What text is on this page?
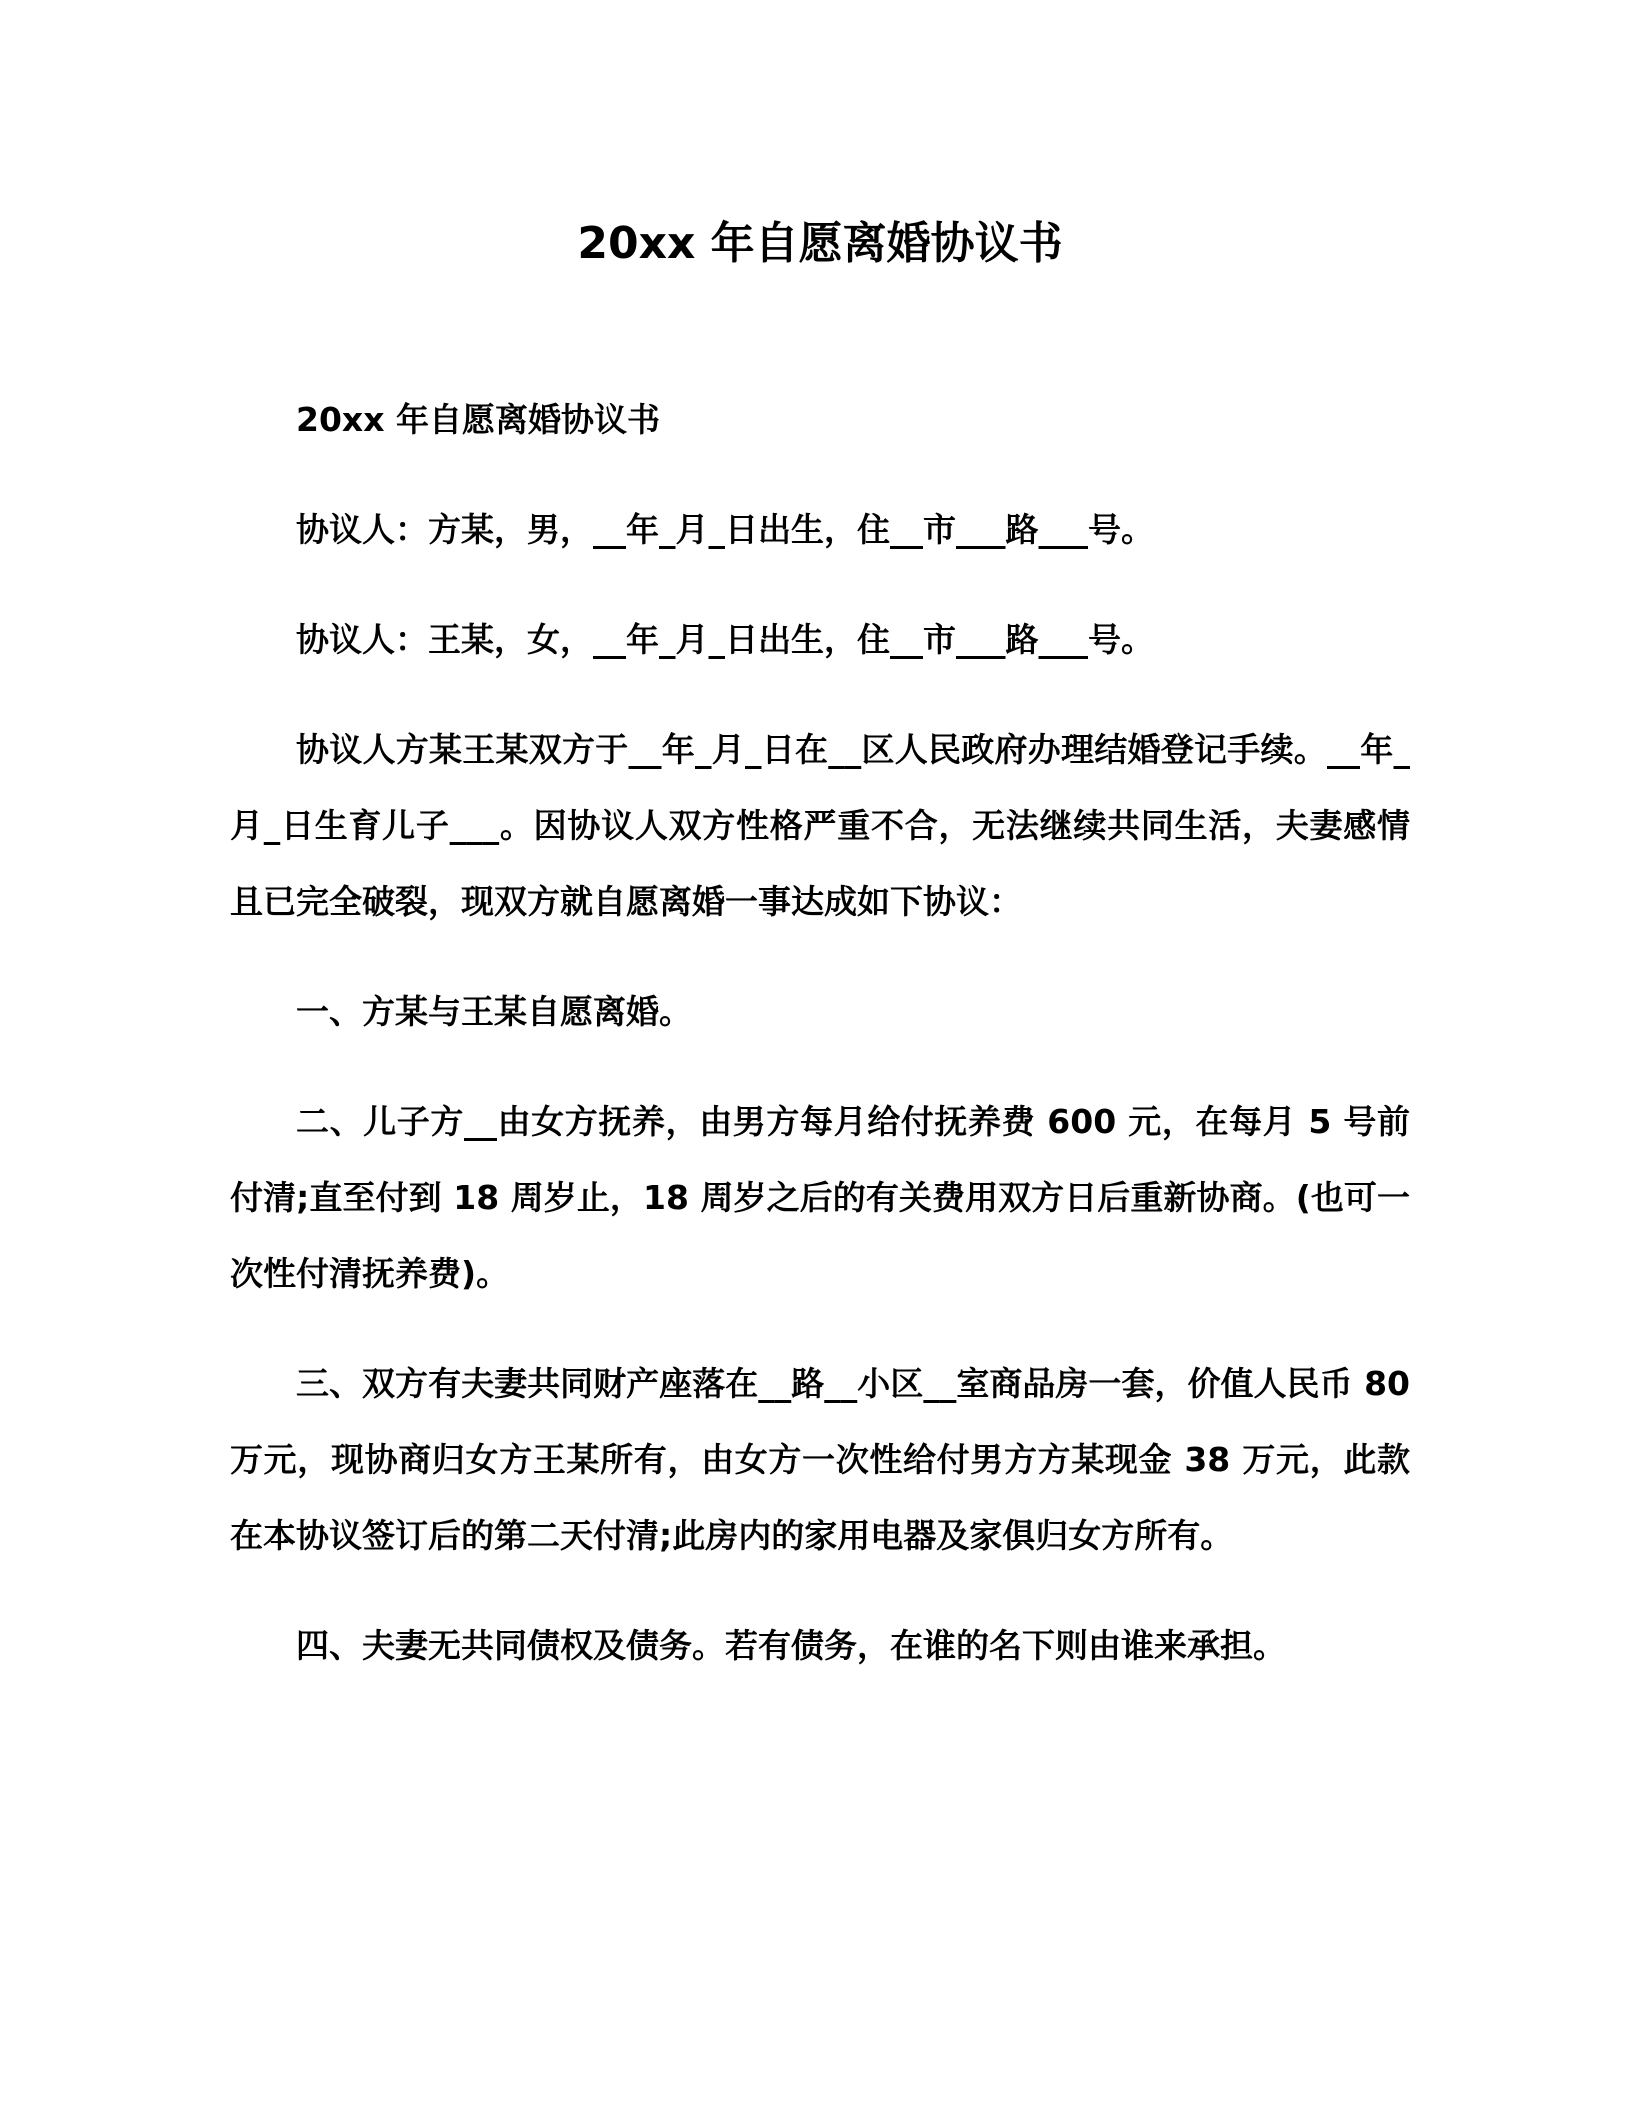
20xx 年自愿离婚协议书

20xx 年自愿离婚协议书

协议人：方某，男，__年_月_日出生，住__市___路___号。

协议人：王某，女，__年_月_日出生，住__市___路___号。

协议人方某王某双方于__年_月_日在__区人民政府办理结婚登记手续。__年_月_日生育儿子___。因协议人双方性格严重不合，无法继续共同生活，夫妻感情且已完全破裂，现双方就自愿离婚一事达成如下协议：

一、方某与王某自愿离婚。

二、儿子方__由女方抚养，由男方每月给付抚养费 600 元，在每月 5 号前付清;直至付到 18 周岁止，18 周岁之后的有关费用双方日后重新协商。(也可一次性付清抚养费)。

三、双方有夫妻共同财产座落在__路__小区__室商品房一套，价值人民币 80 万元，现协商归女方王某所有，由女方一次性给付男方方某现金 38 万元，此款在本协议签订后的第二天付清;此房内的家用电器及家俱归女方所有。

四、夫妻无共同债权及债务。若有债务，在谁的名下则由谁来承担。
